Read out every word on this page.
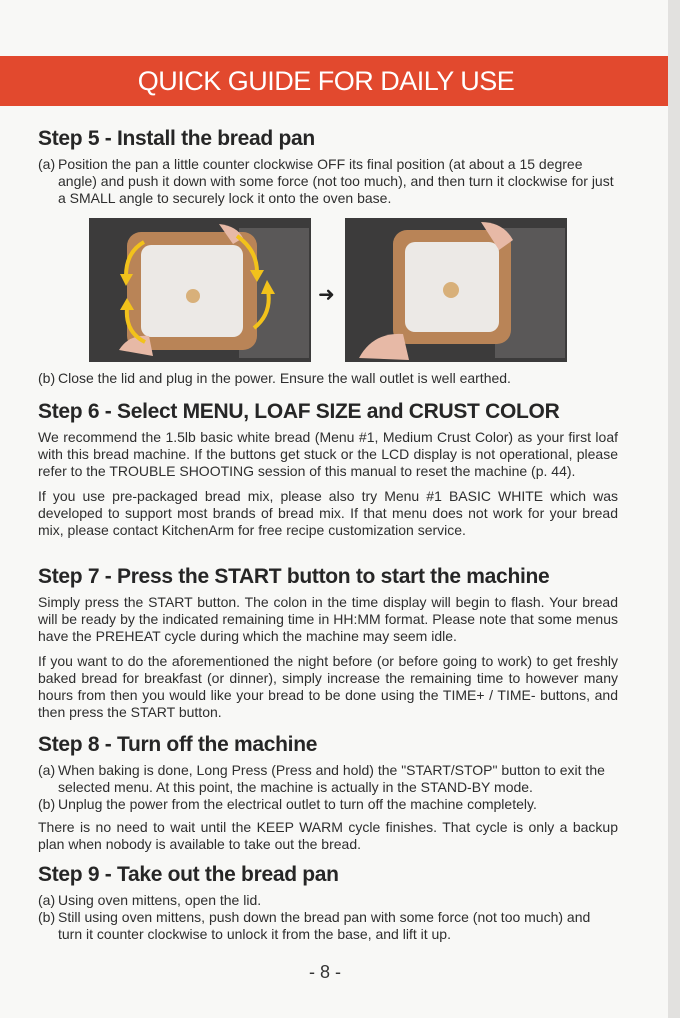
QUICK GUIDE FOR DAILY USE
Step 5 - Install the bread pan
(a) Position the pan a little counter clockwise OFF its final position (at about a 15 degree angle) and push it down with some force (not too much), and then turn it clockwise for just a SMALL angle to securely lock it onto the oven base.
➜
(b) Close the lid and plug in the power. Ensure the wall outlet is well earthed.
Step 6 - Select MENU, LOAF SIZE and CRUST COLOR

We recommend the 1.5lb basic white bread (Menu #1, Medium Crust Color) as your first loaf with this bread machine. If the buttons get stuck or the LCD display is not operational, please refer to the TROUBLE SHOOTING session of this manual to reset the machine (p. 44).

If you use pre-packaged bread mix, please also try Menu #1 BASIC WHITE which was developed to support most brands of bread mix. If that menu does not work for your bread mix, please contact KitchenArm for free recipe customization service.

Step 7 - Press the START button to start the machine

Simply press the START button. The colon in the time display will begin to flash. Your bread will be ready by the indicated remaining time in HH:MM format. Please note that some menus have the PREHEAT cycle during which the machine may seem idle.

If you want to do the aforementioned the night before (or before going to work) to get freshly baked bread for breakfast (or dinner), simply increase the remaining time to however many hours from then you would like your bread to be done using the TIME+ / TIME- buttons, and then press the START button.

Step 8 - Turn off the machine
(a) When baking is done, Long Press (Press and hold) the "START/STOP" button to exit the selected menu. At this point, the machine is actually in the STAND-BY mode.
(b) Unplug the power from the electrical outlet to turn off the machine completely.

There is no need to wait until the KEEP WARM cycle finishes. That cycle is only a backup plan when nobody is available to take out the bread.

Step 9 - Take out the bread pan
(a) Using oven mittens, open the lid.
(b) Still using oven mittens, push down the bread pan with some force (not too much) and turn it counter clockwise to unlock it from the base, and lift it up.
- 8 -
